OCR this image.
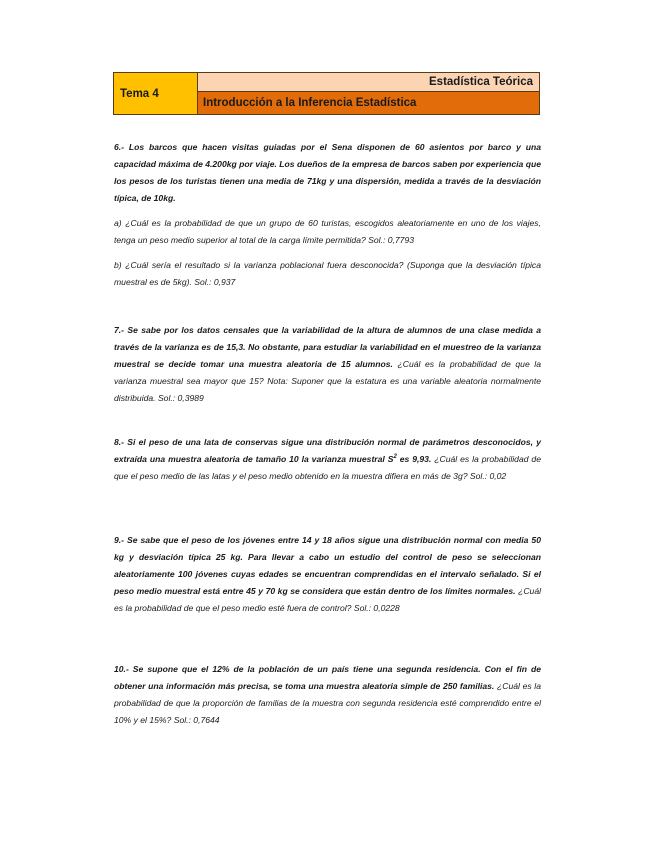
Tema 4
Estadística Teórica
Introducción a la Inferencia Estadística

6.- Los barcos que hacen visitas guiadas por el Sena disponen de 60 asientos por barco y una capacidad máxima de 4.200kg por viaje. Los dueños de la empresa de barcos saben por experiencia que los pesos de los turistas tienen una media de 71kg y una dispersión, medida a través de la desviación típica, de 10kg.

a) ¿Cuál es la probabilidad de que un grupo de 60 turistas, escogidos aleatoriamente en uno de los viajes, tenga un peso medio superior al total de la carga límite permitida? Sol.: 0,7793

b) ¿Cuál sería el resultado si la varianza poblacional fuera desconocida? (Suponga que la desviación típica muestral es de 5kg). Sol.: 0,937

7.- Se sabe por los datos censales que la variabilidad de la altura de alumnos de una clase medida a través de la varianza es de 15,3. No obstante, para estudiar la variabilidad en el muestreo de la varianza muestral se decide tomar una muestra aleatoria de 15 alumnos. ¿Cuál es la probabilidad de que la varianza muestral sea mayor que 15? Nota: Suponer que la estatura es una variable aleatoria normalmente distribuida. Sol.: 0,3989

8.- Si el peso de una lata de conservas sigue una distribución normal de parámetros desconocidos, y extraída una muestra aleatoria de tamaño 10 la varianza muestral $S^2$ es 9,93. ¿Cuál es la probabilidad de que el peso medio de las latas y el peso medio obtenido en la muestra difiera en más de 3g? Sol.: 0,02

9.- Se sabe que el peso de los jóvenes entre 14 y 18 años sigue una distribución normal con media 50 kg y desviación típica 25 kg. Para llevar a cabo un estudio del control de peso se seleccionan aleatoriamente 100 jóvenes cuyas edades se encuentran comprendidas en el intervalo señalado. Si el peso medio muestral está entre 45 y 70 kg se considera que están dentro de los límites normales. ¿Cuál es la probabilidad de que el peso medio esté fuera de control? Sol.: 0,0228

10.- Se supone que el 12% de la población de un país tiene una segunda residencia. Con el fin de obtener una información más precisa, se toma una muestra aleatoria simple de 250 familias. ¿Cuál es la probabilidad de que la proporción de familias de la muestra con segunda residencia esté comprendido entre el 10% y el 15%? Sol.: 0,7644
